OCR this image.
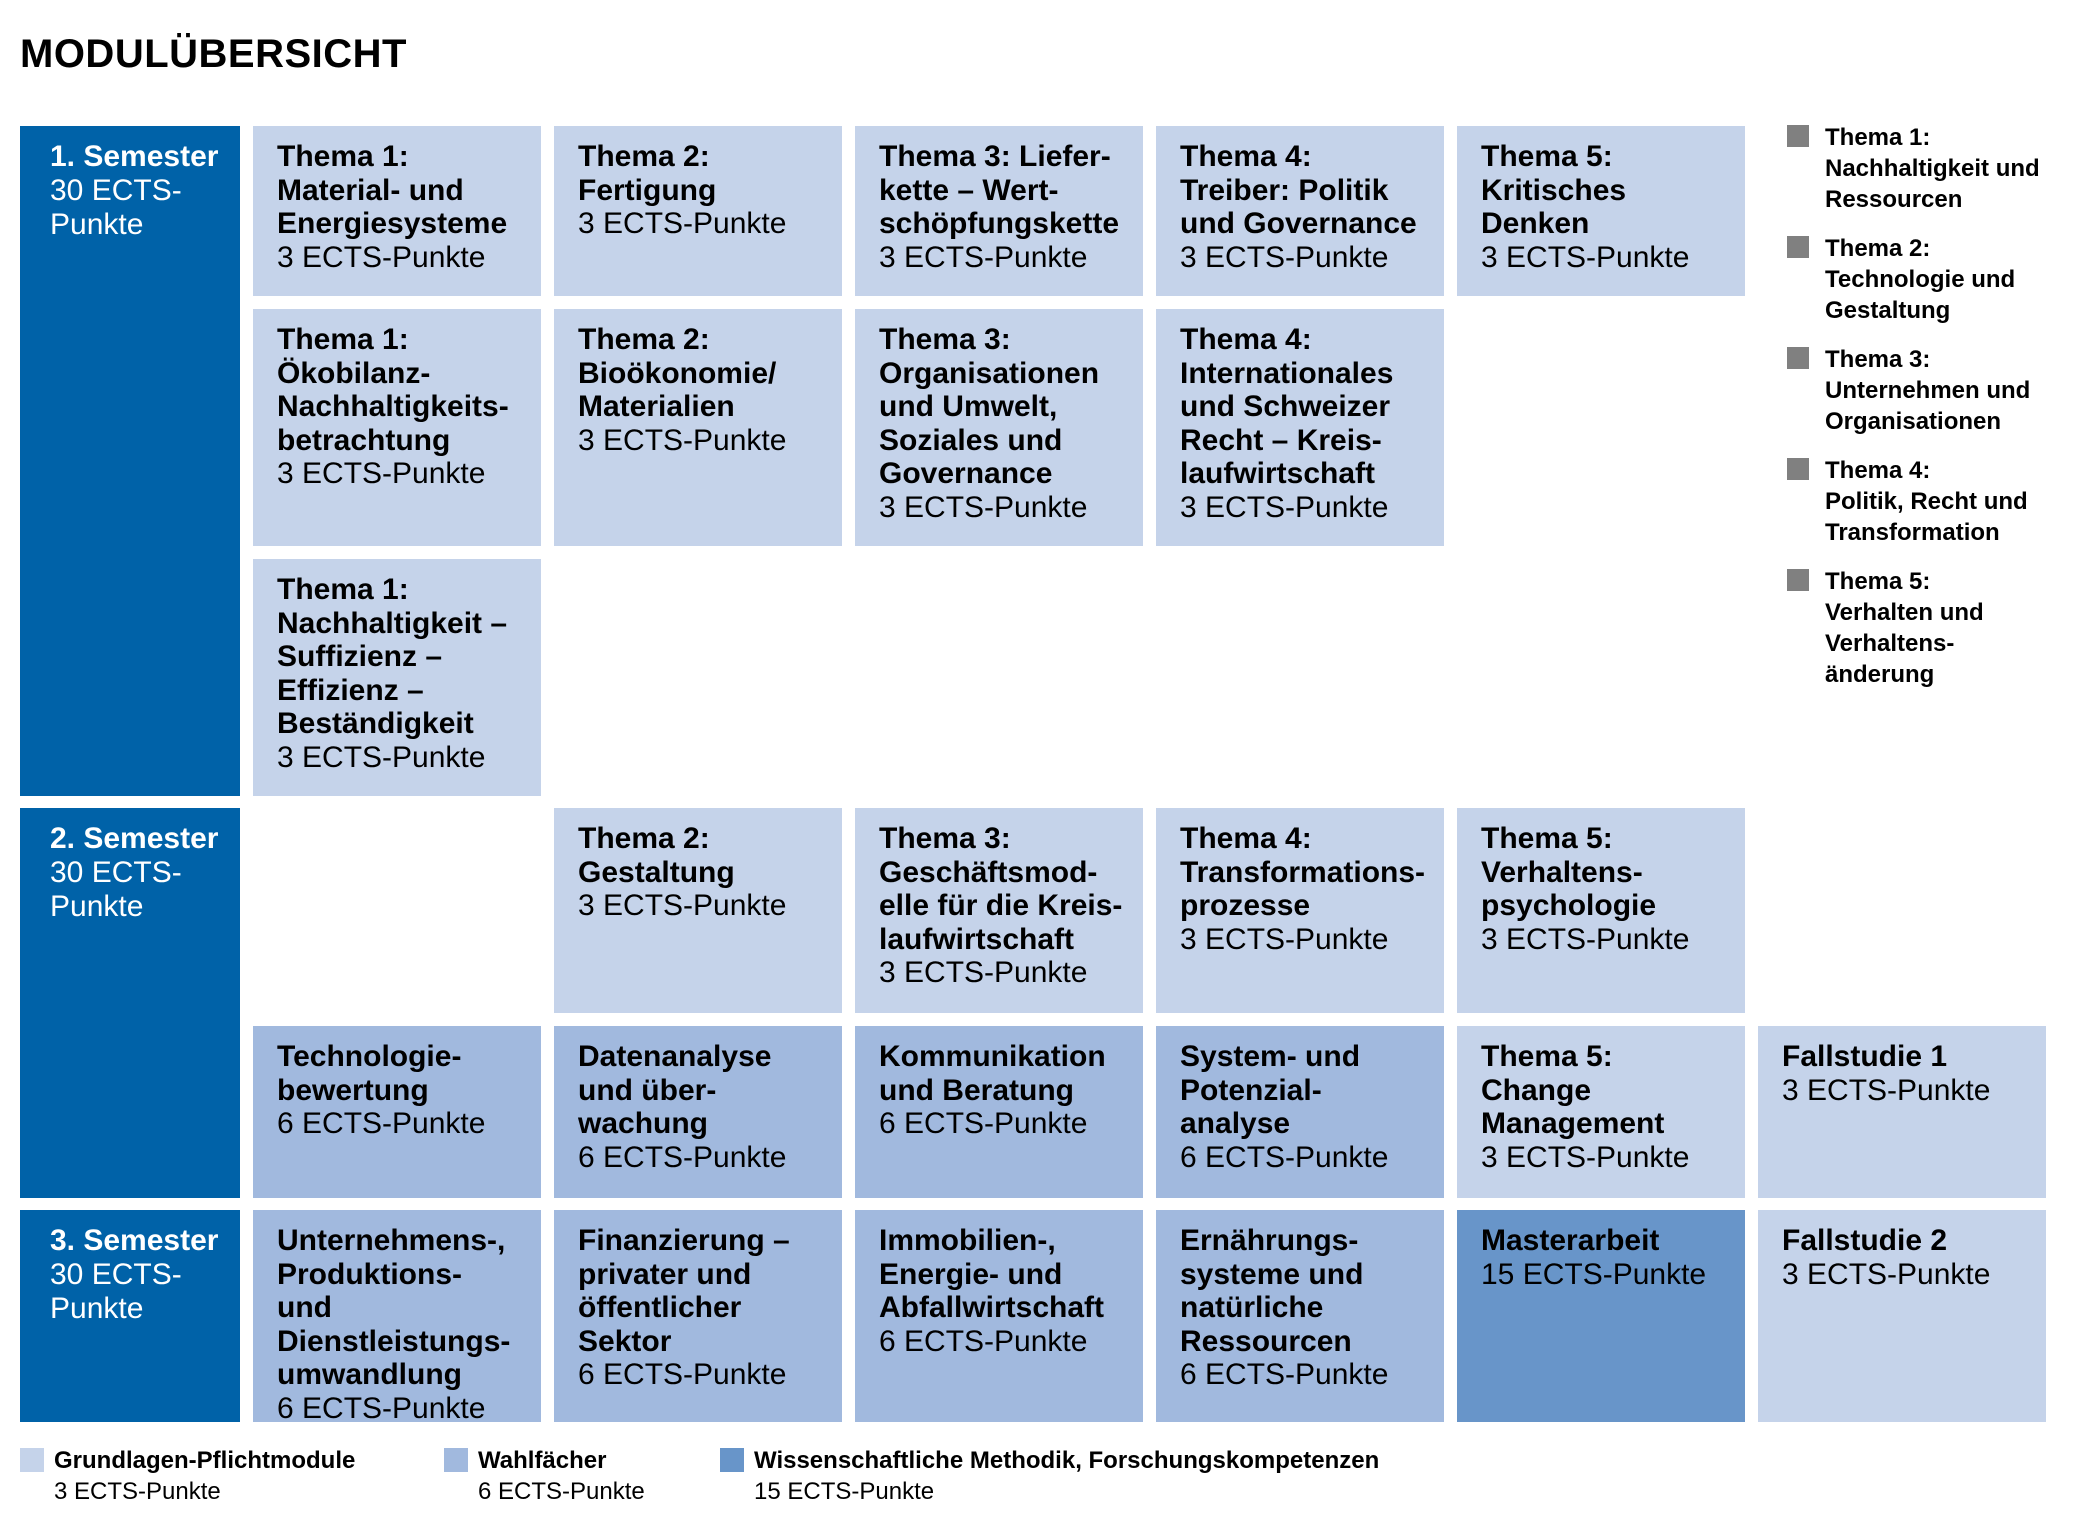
MODULÜBERSICHT
1. Semester
30 ECTS-Punkte
2. Semester
30 ECTS-Punkte
3. Semester
30 ECTS-Punkte
Thema 1:
Material- und
Energiesysteme
3 ECTS-Punkte
Thema 2:
Fertigung
3 ECTS-Punkte
Thema 3: Liefer-
kette – Wert-
schöpfungskette
3 ECTS-Punkte
Thema 4:
Treiber: Politik
und Governance
3 ECTS-Punkte
Thema 5:
Kritisches
Denken
3 ECTS-Punkte
Thema 1:
Ökobilanz-
Nachhaltigkeits-
betrachtung
3 ECTS-Punkte
Thema 2:
Bioökonomie/
Materialien
3 ECTS-Punkte
Thema 3:
Organisationen
und Umwelt,
Soziales und
Governance
3 ECTS-Punkte
Thema 4:
Internationales
und Schweizer
Recht – Kreis-
laufwirtschaft
3 ECTS-Punkte
Thema 1:
Nachhaltigkeit –
Suffizienz –
Effizienz –
Beständigkeit
3 ECTS-Punkte
Thema 2:
Gestaltung
3 ECTS-Punkte
Thema 3:
Geschäftsmod-
elle für die Kreis-
laufwirtschaft
3 ECTS-Punkte
Thema 4:
Transformations-
prozesse
3 ECTS-Punkte
Thema 5:
Verhaltens-
psychologie
3 ECTS-Punkte
Technologie-
bewertung
6 ECTS-Punkte
Datenanalyse
und über-
wachung
6 ECTS-Punkte
Kommunikation
und Beratung
6 ECTS-Punkte
System- und
Potenzial-
analyse
6 ECTS-Punkte
Thema 5:
Change
Management
3 ECTS-Punkte
Fallstudie 1
3 ECTS-Punkte
Unternehmens-,
Produktions- und
Dienstleistungs-
umwandlung
6 ECTS-Punkte
Finanzierung –
privater und
öffentlicher
Sektor
6 ECTS-Punkte
Immobilien-,
Energie- und
Abfallwirtschaft
6 ECTS-Punkte
Ernährungs-
systeme und
natürliche
Ressourcen
6 ECTS-Punkte
Masterarbeit
15 ECTS-Punkte
Fallstudie 2
3 ECTS-Punkte
Thema 1:
Nachhaltigkeit und
Ressourcen
Thema 2:
Technologie und
Gestaltung
Thema 3:
Unternehmen und
Organisationen
Thema 4:
Politik, Recht und
Transformation
Thema 5:
Verhalten und
Verhaltens-
änderung
Grundlagen-Pflichtmodule
3 ECTS-Punkte
Wahlfächer
6 ECTS-Punkte
Wissenschaftliche Methodik, Forschungskompetenzen
15 ECTS-Punkte
